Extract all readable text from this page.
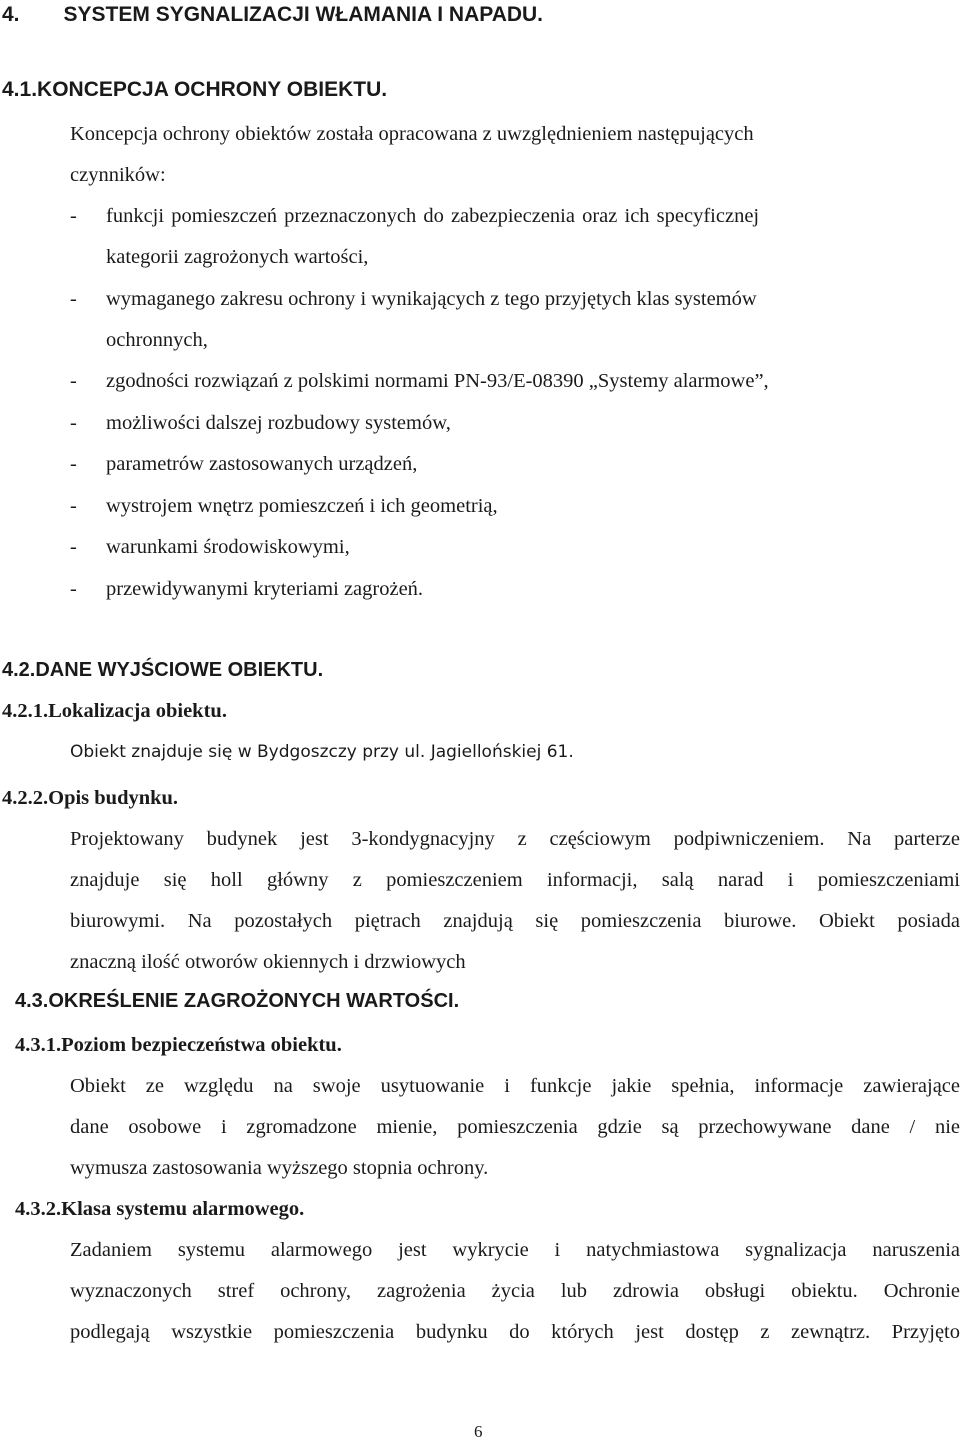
4. SYSTEM SYGNALIZACJI WŁAMANIA I NAPADU.
4.1.KONCEPCJA OCHRONY OBIEKTU.
Koncepcja ochrony obiektów została opracowana z uwzględnieniem następujących
czynników:
- funkcji pomieszczeń przeznaczonych do zabezpieczenia oraz ich specyficznej
kategorii zagrożonych wartości,
- wymaganego zakresu ochrony i wynikających z tego przyjętych klas systemów
ochronnych,
- zgodności rozwiązań z polskimi normami PN-93/E-08390 „Systemy alarmowe”,
- możliwości dalszej rozbudowy systemów,
- parametrów zastosowanych urządzeń,
- wystrojem wnętrz pomieszczeń i ich geometrią,
- warunkami środowiskowymi,
- przewidywanymi kryteriami zagrożeń.
4.2.DANE WYJŚCIOWE OBIEKTU.
4.2.1.Lokalizacja obiektu.
Obiekt znajduje się w Bydgoszczy przy ul. Jagiellońskiej 61.
4.2.2.Opis budynku.
Projektowany budynek jest 3-kondygnacyjny z częściowym podpiwniczeniem. Na parterze
znajduje się holl główny z pomieszczeniem informacji, salą narad i pomieszczeniami
biurowymi. Na pozostałych piętrach znajdują się pomieszczenia biurowe. Obiekt posiada
znaczną ilość otworów okiennych i drzwiowych
4.3.OKREŚLENIE ZAGROŻONYCH WARTOŚCI.
4.3.1.Poziom bezpieczeństwa obiektu.
Obiekt ze względu na swoje usytuowanie i funkcje jakie spełnia, informacje zawierające
dane osobowe i zgromadzone mienie, pomieszczenia gdzie są przechowywane dane / nie
wymusza zastosowania wyższego stopnia ochrony.
4.3.2.Klasa systemu alarmowego.
Zadaniem systemu alarmowego jest wykrycie i natychmiastowa sygnalizacja naruszenia
wyznaczonych stref ochrony, zagrożenia życia lub zdrowia obsługi obiektu. Ochronie
podlegają wszystkie pomieszczenia budynku do których jest dostęp z zewnątrz. Przyjęto
6
